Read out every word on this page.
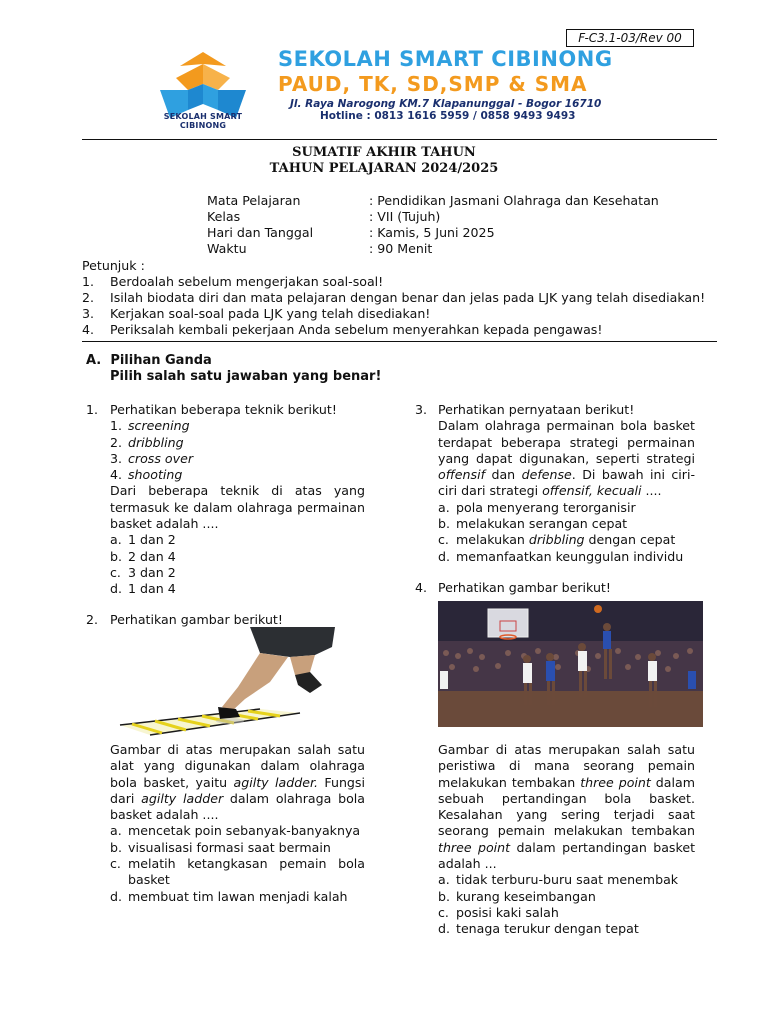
F-C3.1-03/Rev 00
SEKOLAH SMART CIBINONG
SEKOLAH SMART CIBINONG
PAUD, TK, SD,SMP & SMA
Jl. Raya Narogong KM.7 Klapanunggal - Bogor 16710
Hotline : 0813 1616 5959 / 0858 9493 9493
SUMATIF AKHIR TAHUN
TAHUN PELAJARAN 2024/2025
Mata Pelajaran	: Pendidikan Jasmani Olahraga dan Kesehatan
Kelas	: VII (Tujuh)
Hari dan Tanggal	: Kamis, 5 Juni 2025
Waktu	: 90 Menit
Petunjuk :
1. Berdoalah sebelum mengerjakan soal-soal!
2. Isilah biodata diri dan mata pelajaran dengan benar dan jelas pada LJK yang telah disediakan!
3. Kerjakan soal-soal pada LJK yang telah disediakan!
4. Periksalah kembali pekerjaan Anda sebelum menyerahkan kepada pengawas!
A. Pilihan Ganda
Pilih salah satu jawaban yang benar!
1. Perhatikan beberapa teknik berikut!

1. screening
2. dribbling
3. cross over
4. shooting

Dari beberapa teknik di atas yang termasuk ke dalam olahraga permainan basket adalah ....

a. 1 dan 2
b. 2 dan 4
c. 3 dan 2
d. 1 dan 4
2. Perhatikan gambar berikut!

Gambar di atas merupakan salah satu alat yang digunakan dalam olahraga bola basket, yaitu agilty ladder. Fungsi dari agilty ladder dalam olahraga bola basket adalah ....

a. mencetak poin sebanyak-banyaknya
b. visualisasi formasi saat bermain
c. melatih ketangkasan pemain bola basket
d. membuat tim lawan menjadi kalah
3. Perhatikan pernyataan berikut!

Dalam olahraga permainan bola basket terdapat beberapa strategi permainan yang dapat digunakan, seperti strategi offensif dan defense. Di bawah ini ciri-ciri dari strategi offensif, kecuali ....

a. pola menyerang terorganisir
b. melakukan serangan cepat
c. melakukan dribbling dengan cepat
d. memanfaatkan keunggulan individu
4. Perhatikan gambar berikut!

Gambar di atas merupakan salah satu peristiwa di mana seorang pemain melakukan tembakan three point dalam sebuah pertandingan bola basket. Kesalahan yang sering terjadi saat seorang pemain melakukan tembakan three point dalam pertandingan basket adalah ...

a. tidak terburu-buru saat menembak
b. kurang keseimbangan
c. posisi kaki salah
d. tenaga terukur dengan tepat
